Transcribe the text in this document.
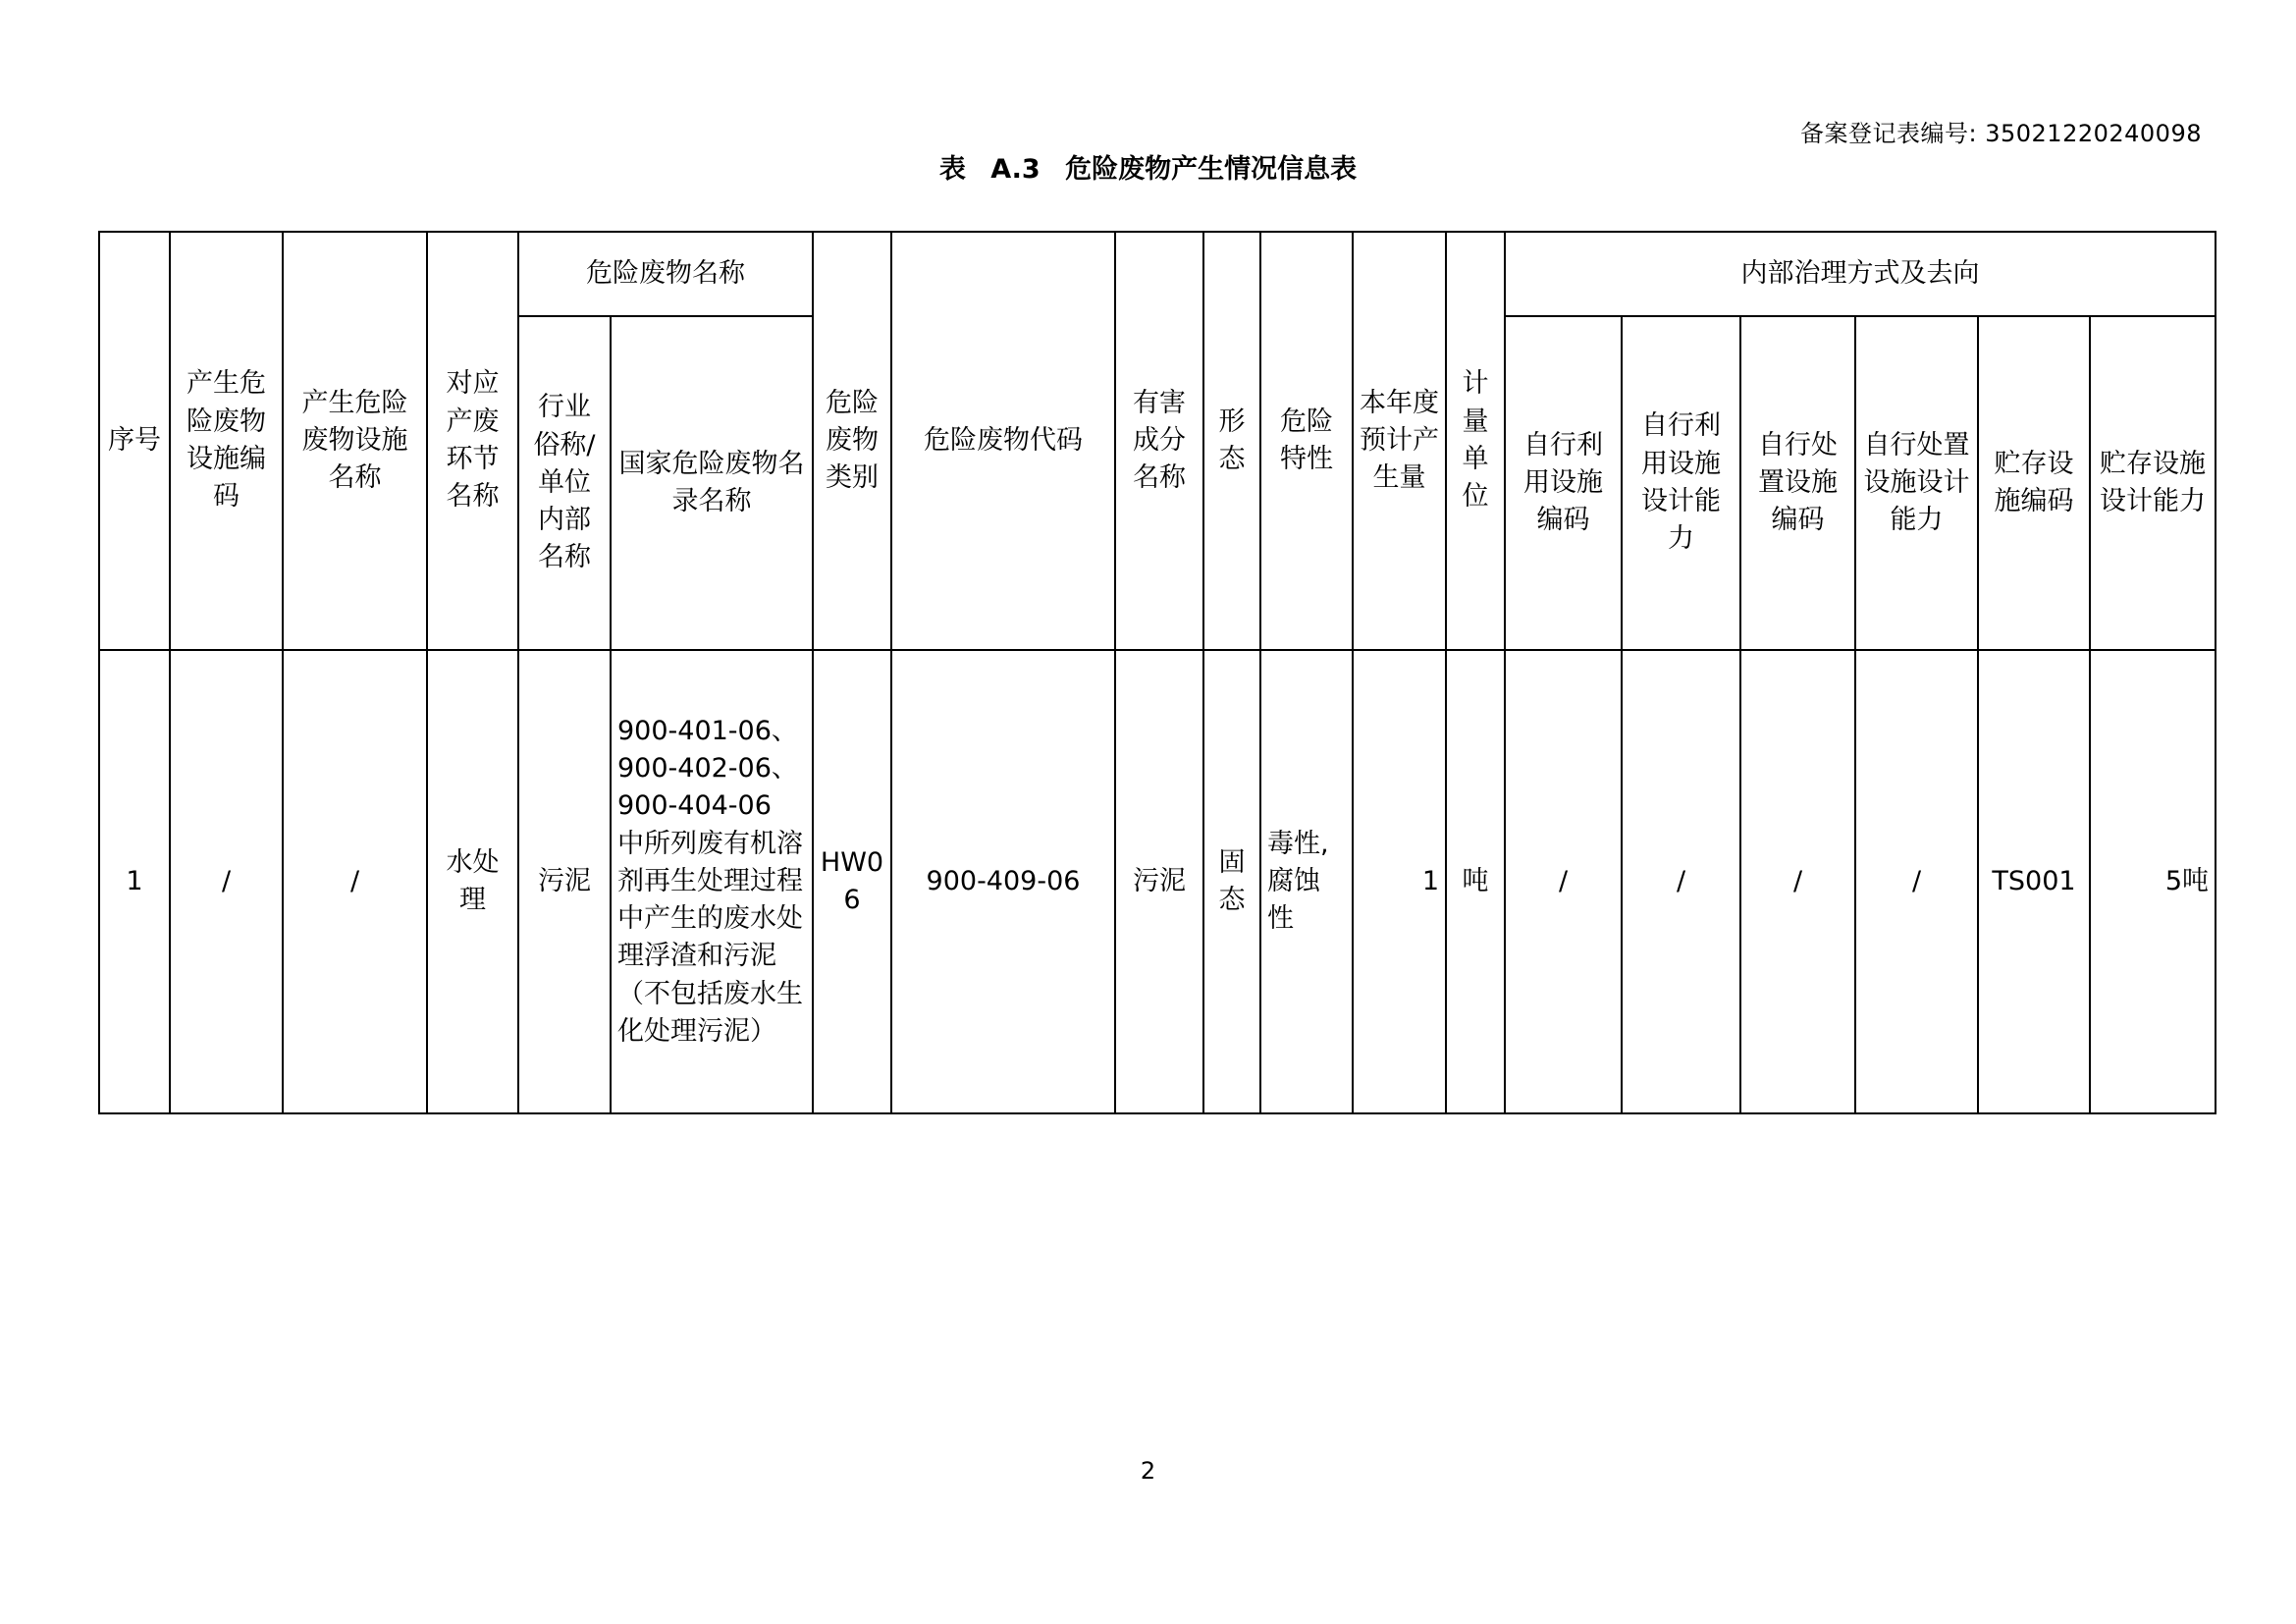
备案登记表编号: 35021220240098
表 A.3 危险废物产生情况信息表
序号	产生危险废物设施编码	产生危险废物设施名称	对应产废环节名称	危险废物名称		危险废物类别	危险废物代码	有害成分名称	形态	危险特性	本年度预计产生量	计量单位	内部治理方式及去向					
				行业俗称/单位内部名称	国家危险废物名录名称								自行利用设施编码	自行利用设施设计能力	自行处置设施编码	自行处置设施设计能力	贮存设施编码	贮存设施设计能力
1	/	/	水处理	污泥	900-401-06、900-402-06、900-404-06 中所列废有机溶剂再生处理过程中产生的废水处理浮渣和污泥（不包括废水生化处理污泥）	HW06	900-409-06	污泥	固态	毒性,腐蚀性	1	吨	/	/	/	/	TS001	5吨
2
